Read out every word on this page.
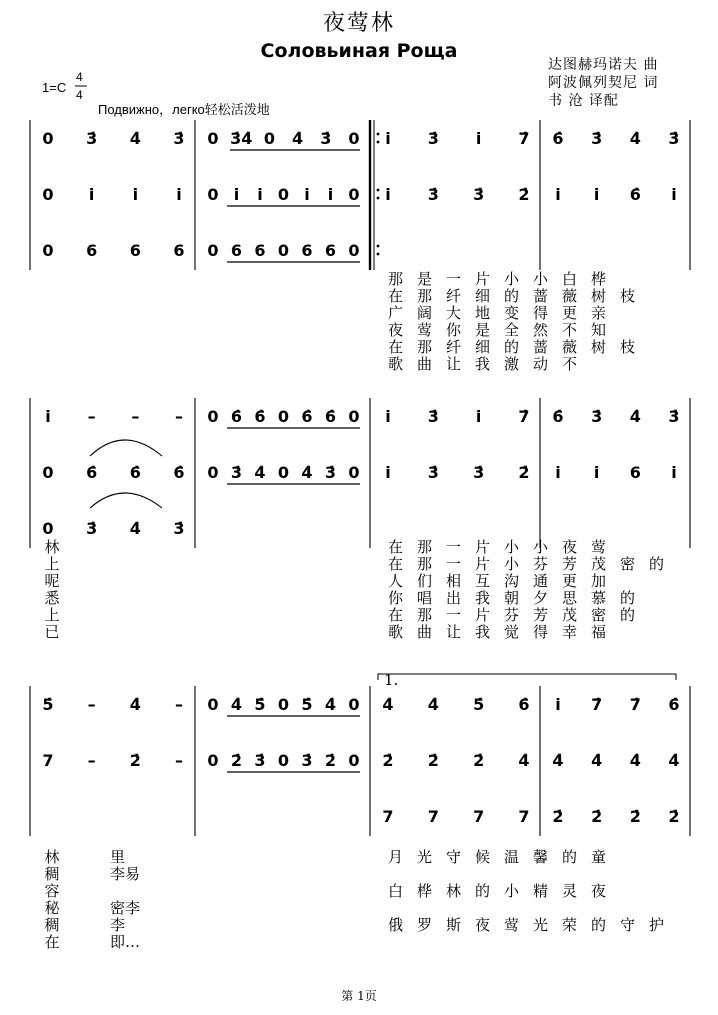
夜莺林
Соловьиная Роща
达图赫玛诺夫 曲
阿波佩列契尼 词
书 沧 译配
1=C
4
4
Подвижно，легко轻松活泼地
0 3̇ 4̇ 3̇ 0 3̇4̇ 0 4̇ 3̇ 0 i 3̇ i 7̇ 6̇ 3̇ 4̇ 3̇
0 i i i 0 i i 0 i i 0 i 3̇ 3̇ 2̇ i i 6̇ i
0 6 6 6 0 6 6 0 6 6 0
那是一片小小白桦
在那纤细的蔷薇树枝
广阔大地变得更亲
夜莺你是全然不知
在那纤细的蔷薇树枝
歌曲让我激动不
i – – – 0 6̇ 6̇ 0 6̇ 6̇ 0 i 3̇ i 7̇ 6̇ 3̇ 4̇ 3̇
0 6̇ 6̇ 6̇ 0 3̇ 4̇ 0 4̇ 3̇ 0 i 3̇ 3̇ 2̇ i i 6 i
0 3̇ 4̇ 3̇
在那一片小小夜莺
在那一片小芬芳茂密的
人们相互沟通更加
你唱出我朝夕思慕的
在那一片芬芳茂密的
歌曲让我觉得幸福
林
上
呢
悉
上
已
5̇ – 4̇ – 0 4̇ 5̇ 0 5̇ 4̇ 0 4̇ 4̇ 5̇ 6̇ i 7̇ 7̇ 6̇
7 – 2̇ – 0 2̇ 3̇ 0 3̇ 2̇ 0 2̇ 2̇ 2̇ 4̇ 4̇ 4̇ 4̇ 4̇
7 7 7 7 2̇ 2̇ 2̇ 2̇
1.
月光守候温馨的童
白桦林的小精灵夜
俄罗斯夜莺光荣的守护
林
稠
容
秘
稠
在
里
李易
密李
李
即…
第 1页
